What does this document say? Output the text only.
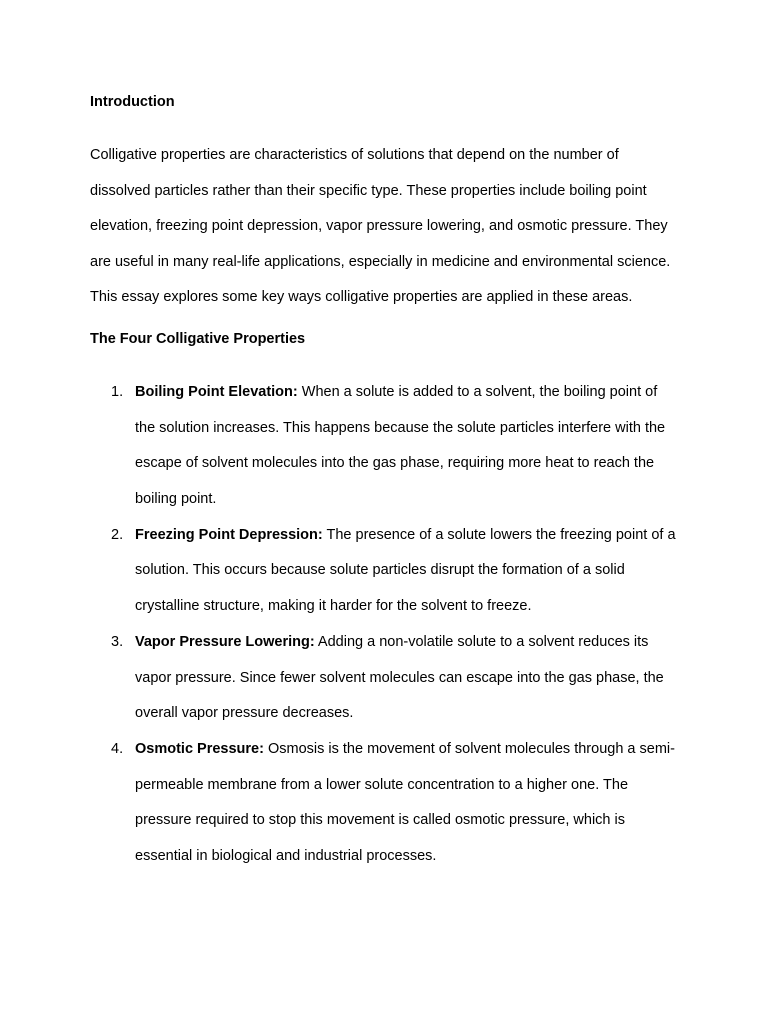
Introduction

Colligative properties are characteristics of solutions that depend on the number of dissolved particles rather than their specific type. These properties include boiling point elevation, freezing point depression, vapor pressure lowering, and osmotic pressure. They are useful in many real-life applications, especially in medicine and environmental science. This essay explores some key ways colligative properties are applied in these areas.

The Four Colligative Properties
1. Boiling Point Elevation: When a solute is added to a solvent, the boiling point of the solution increases. This happens because the solute particles interfere with the escape of solvent molecules into the gas phase, requiring more heat to reach the boiling point.
2. Freezing Point Depression: The presence of a solute lowers the freezing point of a solution. This occurs because solute particles disrupt the formation of a solid crystalline structure, making it harder for the solvent to freeze.
3. Vapor Pressure Lowering: Adding a non-volatile solute to a solvent reduces its vapor pressure. Since fewer solvent molecules can escape into the gas phase, the overall vapor pressure decreases.
4. Osmotic Pressure: Osmosis is the movement of solvent molecules through a semi-permeable membrane from a lower solute concentration to a higher one. The pressure required to stop this movement is called osmotic pressure, which is essential in biological and industrial processes.
